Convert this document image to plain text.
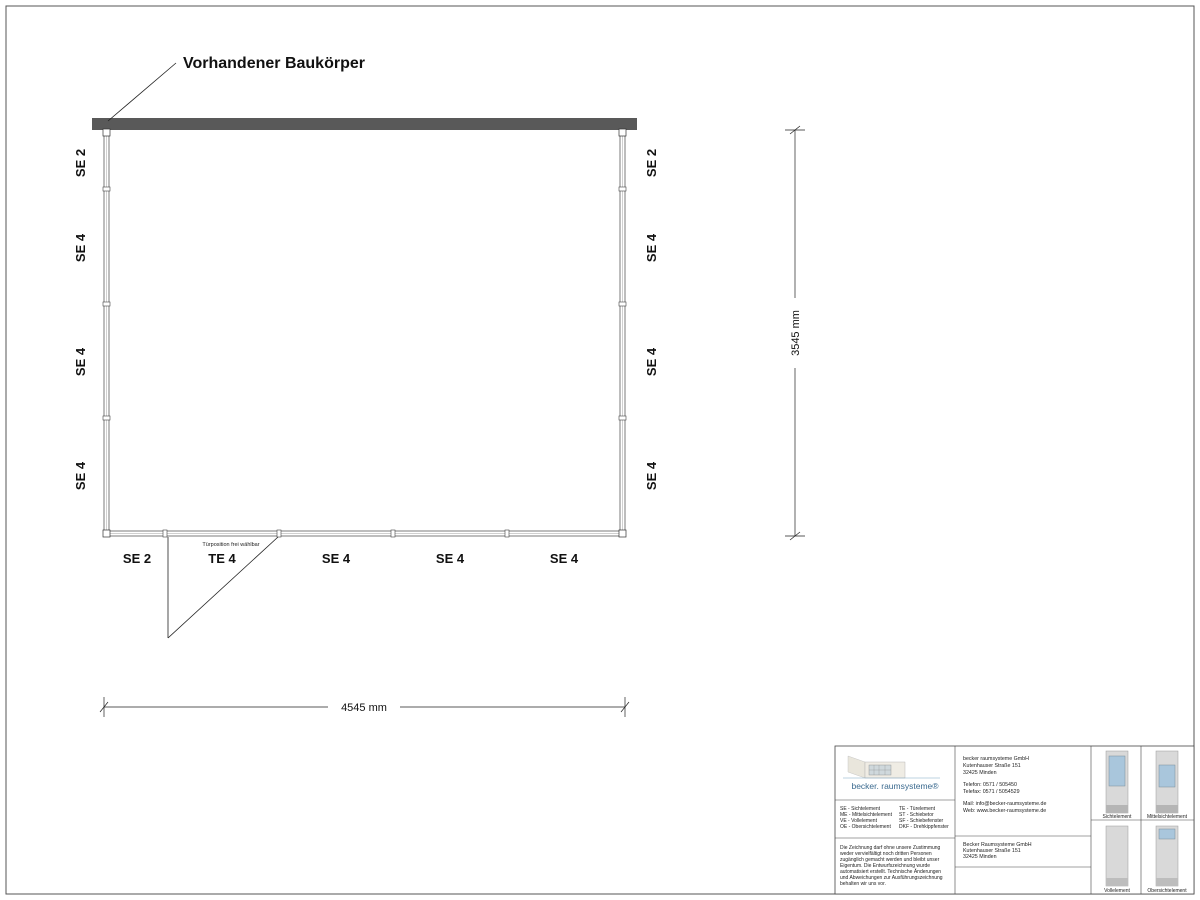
Vorhandener Baukörper
SE 2
SE 4
SE 4
SE 4
SE 2
SE 4
SE 4
SE 4
SE 2	TE 4	SE 4	SE 4	SE 4
Türposition frei wählbar
4545 mm
3545 mm
becker. raumsysteme®
becker raumsysteme GmbH
Kutenhauser Straße 151
32425 Minden
Telefon: 0571 / 505450
Telefax: 0571 / 5054529
Mail: info@becker-raumsysteme.de
Web: www.becker-raumsysteme.de
Becker Raumsysteme GmbH
Kutenhauser Straße 151
32425 Minden
SE - Sichtelement
ME - Mittelsichtelement
VE - Vollelement
OE - Obersichtelement
TE - Türelement
ST - Schiebetor
SF - Schiebefenster
DKF - Drehkippfenster
Die Zeichnung darf ohne unsere Zustimmung
weder vervielfältigt noch dritten Personen
zugänglich gemacht werden und bleibt unser
Eigentum. Die Entwurfszeichnung wurde
automatisiert erstellt. Technische Änderungen
und Abweichungen zur Ausführungszeichnung
behalten wir uns vor.
Sichtelement	Mittelsichtelement
Vollelement	Obersichtelement
